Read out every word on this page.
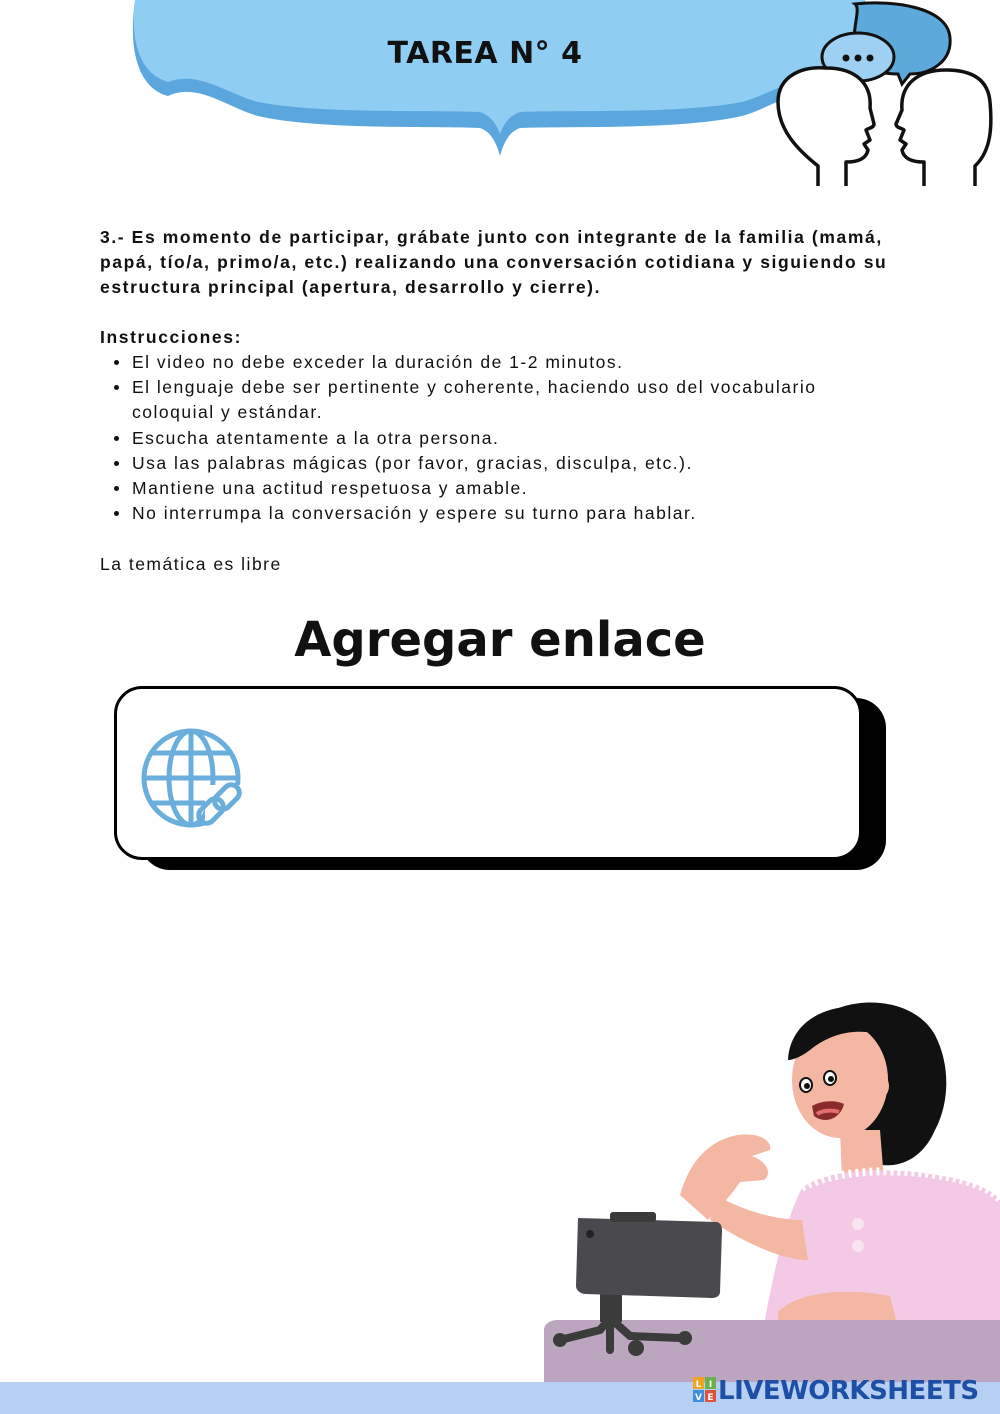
TAREA N° 4

3.- Es momento de participar, grábate junto con integrante de la familia (mamá, papá, tío/a, primo/a, etc.) realizando una conversación cotidiana y siguiendo su estructura principal (apertura, desarrollo y cierre).

Instrucciones:
El video no debe exceder la duración de 1-2 minutos.
El lenguaje debe ser pertinente y coherente, haciendo uso del vocabulario coloquial y estándar.
Escucha atentamente a la otra persona.
Usa las palabras mágicas (por favor, gracias, disculpa, etc.).
Mantiene una actitud respetuosa y amable.
No interrumpa la conversación y espere su turno para hablar.
La temática es libre
Agregar enlace
L I
V E LIVEWORKSHEETS
